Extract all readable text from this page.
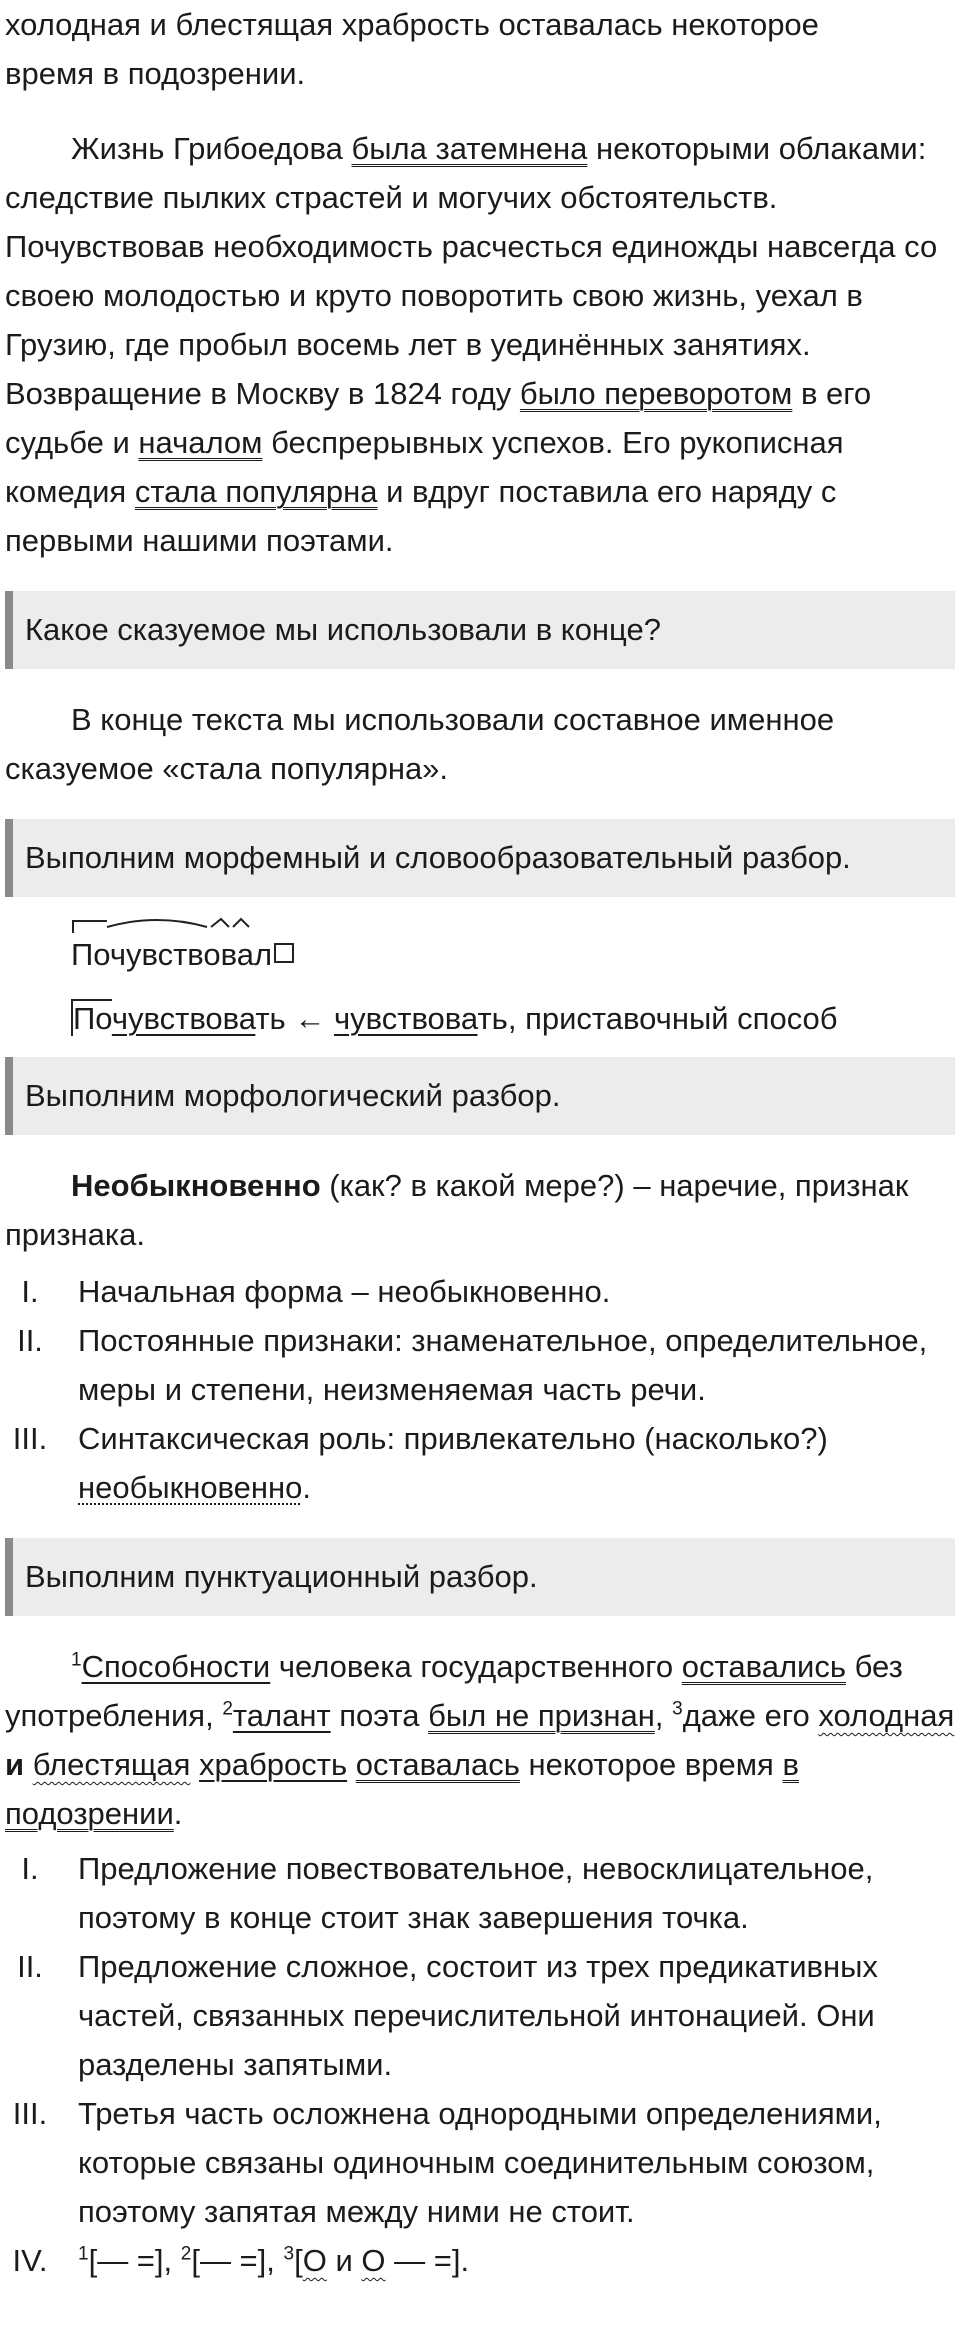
холодная и блестящая храбрость оставалась некоторое

время в подозрении.

Жизнь Грибоедова была затемнена некоторыми облаками: следствие пылких страстей и могучих обстоятельств. Почувствовав необходимость расчесться единожды навсегда со своею молодостью и круто поворотить свою жизнь, уехал в Грузию, где пробыл восемь лет в уединённых занятиях. Возвращение в Москву в 1824 году было переворотом в его судьбе и началом беспрерывных успехов. Его рукописная комедия стала популярна и вдруг поставила его наряду с первыми нашими поэтами.

Какое сказуемое мы использовали в конце?

В конце текста мы использовали составное именное сказуемое «стала популярна».

Выполним морфемный и словообразовательный разбор.
Почувствовал
Почувствовать ← чувствовать, приставочный способ
Выполним морфологический разбор.

Необыкновенно (как? в какой мере?) – наречие, признак признака.

I.	Начальная форма – необыкновенно.
II.	Постоянные признаки: знаменательное, определительное, меры и степени, неизменяемая часть речи.
III. Синтаксическая роль: привлекательно (насколько?) необыкновенно.
Выполним пунктуационный разбор.

$^1$Способности человека государственного оставались без употребления, $^2$талант поэта был не признан, $^3$даже его холодная и блестящая храбрость оставалась некоторое время в подозрении.

I.	Предложение повествовательное, невосклицательное, поэтому в конце стоит знак завершения точка.
II.	Предложение сложное, состоит из трех предикативных частей, связанных перечислительной интонацией. Они разделены запятыми.
III. Третья часть осложнена однородными определениями, которые связаны одиночным соединительным союзом, поэтому запятая между ними не стоит.
IV.	$^1$[— =], $^2$[— =], $^3$[О и О — =].
